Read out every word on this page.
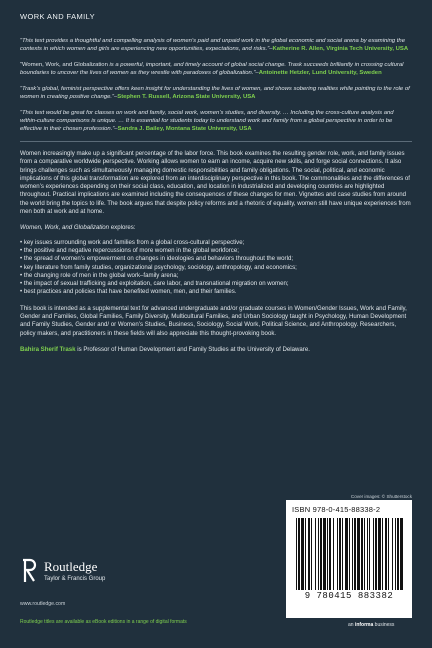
WORK AND FAMILY

“This text provides a thoughtful and compelling analysis of women’s paid and unpaid work in the global economic and social arena by examining the contexts in which women and girls are experiencing new opportunities, expectations, and risks.”–Katherine R. Allen, Virginia Tech University, USA

“Women, Work, and Globalization is a powerful, important, and timely account of global social change. Trask succeeds brilliantly in crossing cultural boundaries to uncover the lives of women as they wrestle with paradoxes of globalization.”–Antoinette Hetzler, Lund University, Sweden

“Trask’s global, feminist perspective offers keen insight for understanding the lives of women, and shows sobering realities while pointing to the role of women in creating positive change.”–Stephen T. Russell, Arizona State University, USA

“This text would be great for classes on work and family, social work, women’s studies, and diversity. … Including the cross-culture analysis and within-culture comparisons is unique. … It is essential for students today to understand work and family from a global perspective in order to be effective in their chosen profession.”–Sandra J. Bailey, Montana State University, USA

Women increasingly make up a significant percentage of the labor force. This book examines the resulting gender role, work, and family issues from a comparative worldwide perspective. Working allows women to earn an income, acquire new skills, and forge social connections. It also brings challenges such as simultaneously managing domestic responsibilities and family obligations. The social, political, and economic implications of this global transformation are explored from an interdisciplinary perspective in this book. The commonalities and the differences of women’s experiences depending on their social class, education, and location in industrialized and developing countries are highlighted throughout. Practical implications are examined including the consequences of these changes for men. Vignettes and case studies from around the world bring the topics to life. The book argues that despite policy reforms and a rhetoric of equality, women still have unique experiences from men both at work and at home.

Women, Work, and Globalization explores:

• key issues surrounding work and families from a global cross-cultural perspective;
• the positive and negative repercussions of more women in the global workforce;
• the spread of women’s empowerment on changes in ideologies and behaviors throughout the world;
• key literature from family studies, organizational psychology, sociology, anthropology, and economics;
• the changing role of men in the global work–family arena;
• the impact of sexual trafficking and exploitation, care labor, and transnational migration on women;
• best practices and policies that have benefited women, men, and their families.

This book is intended as a supplemental text for advanced undergraduate and/or graduate courses in Women/Gender Issues, Work and Family, Gender and Families, Global Families, Family Diversity, Multicultural Families, and Urban Sociology taught in Psychology, Human Development and Family Studies, Gender and/ or Women’s Studies, Business, Sociology, Social Work, Political Science, and Anthropology. Researchers, policy makers, and practitioners in these fields will also appreciate this thought-provoking book.

Bahira Sherif Trask is Professor of Human Development and Family Studies at the University of Delaware.

Cover images: © Shutterstock
Routledge
Taylor & Francis Group
www.routledge.com
Routledge titles are available as eBook editions in a range of digital formats
ISBN 978-0-415-88338-2
9 780415 883382
an informa business
